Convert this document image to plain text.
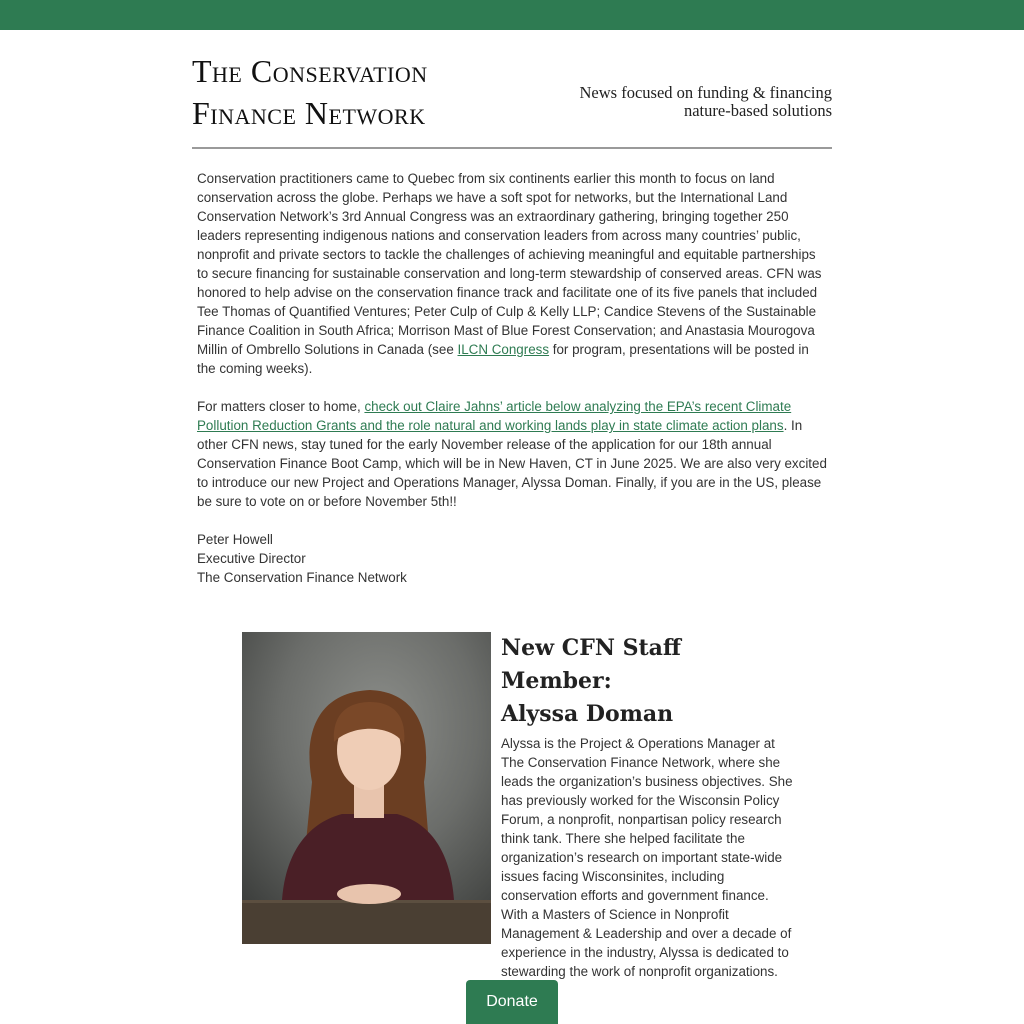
The Conservation
Finance Network
News focused on funding & financing
nature-based solutions

Conservation practitioners came to Quebec from six continents earlier this month to focus on land conservation across the globe. Perhaps we have a soft spot for networks, but the International Land Conservation Network’s 3rd Annual Congress was an extraordinary gathering, bringing together 250 leaders representing indigenous nations and conservation leaders from across many countries’ public, nonprofit and private sectors to tackle the challenges of achieving meaningful and equitable partnerships to secure financing for sustainable conservation and long-term stewardship of conserved areas. CFN was honored to help advise on the conservation finance track and facilitate one of its five panels that included Tee Thomas of Quantified Ventures; Peter Culp of Culp & Kelly LLP; Candice Stevens of the Sustainable Finance Coalition in South Africa; Morrison Mast of Blue Forest Conservation; and Anastasia Mourogova Millin of Ombrello Solutions in Canada (see ILCN Congress for program, presentations will be posted in the coming weeks).

For matters closer to home, check out Claire Jahns’ article below analyzing the EPA’s recent Climate Pollution Reduction Grants and the role natural and working lands play in state climate action plans. In other CFN news, stay tuned for the early November release of the application for our 18th annual Conservation Finance Boot Camp, which will be in New Haven, CT in June 2025. We are also very excited to introduce our new Project and Operations Manager, Alyssa Doman. Finally, if you are in the US, please be sure to vote on or before November 5th!!

Peter Howell
Executive Director
The Conservation Finance Network
New CFN Staff Member:
Alyssa Doman

Alyssa is the Project & Operations Manager at The Conservation Finance Network, where she leads the organization’s business objectives. She has previously worked for the Wisconsin Policy Forum, a nonprofit, nonpartisan policy research think tank. There she helped facilitate the organization’s research on important state-wide issues facing Wisconsinites, including conservation efforts and government finance. With a Masters of Science in Nonprofit Management & Leadership and over a decade of experience in the industry, Alyssa is dedicated to stewarding the work of nonprofit organizations.

Donate
